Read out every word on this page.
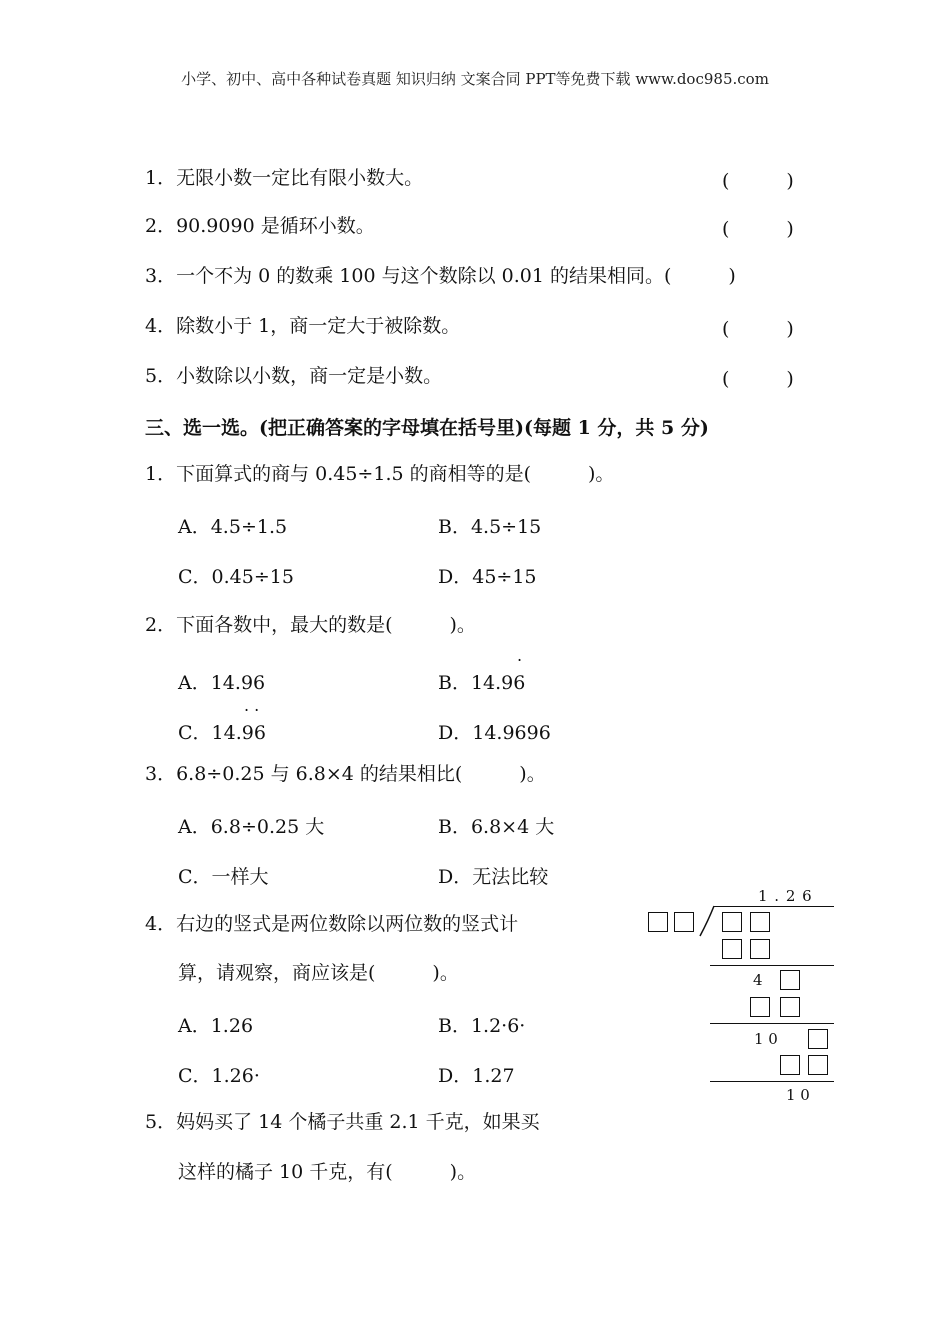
小学、初中、高中各种试卷真题 知识归纳 文案合同 PPT等免费下载 www.doc985.com
1．无限小数一定比有限小数大。	(　　　)
2．90.9090 是循环小数。	(　　　)
3．一个不为 0 的数乘 100 与这个数除以 0.01 的结果相同。(　　　)
4．除数小于 1，商一定大于被除数。	(　　　)
5．小数除以小数，商一定是小数。	(　　　)
三、选一选。(把正确答案的字母填在括号里)(每题 1 分，共 5 分)
1．下面算式的商与 0.45÷1.5 的商相等的是(　　　)。
A．4.5÷1.5	B．4.5÷15
C．0.45÷15	D．45÷15
2．下面各数中，最大的数是(　　　)。
.
A．14.96	B．14.96
. .
C．14.96	D．14.9696
3．6.8÷0.25 与 6.8×4 的结果相比(　　　)。
A．6.8÷0.25 大	B．6.8×4 大
C．一样大	D．无法比较
4．右边的竖式是两位数除以两位数的竖式计
算，请观察，商应该是(　　　)。
A．1.26	B．1.2·6·
C．1.26·	D．1.27
5．妈妈买了 14 个橘子共重 2.1 千克，如果买
这样的橘子 10 千克，有(　　　)。
1 . 2 6
4
1 0
1 0
